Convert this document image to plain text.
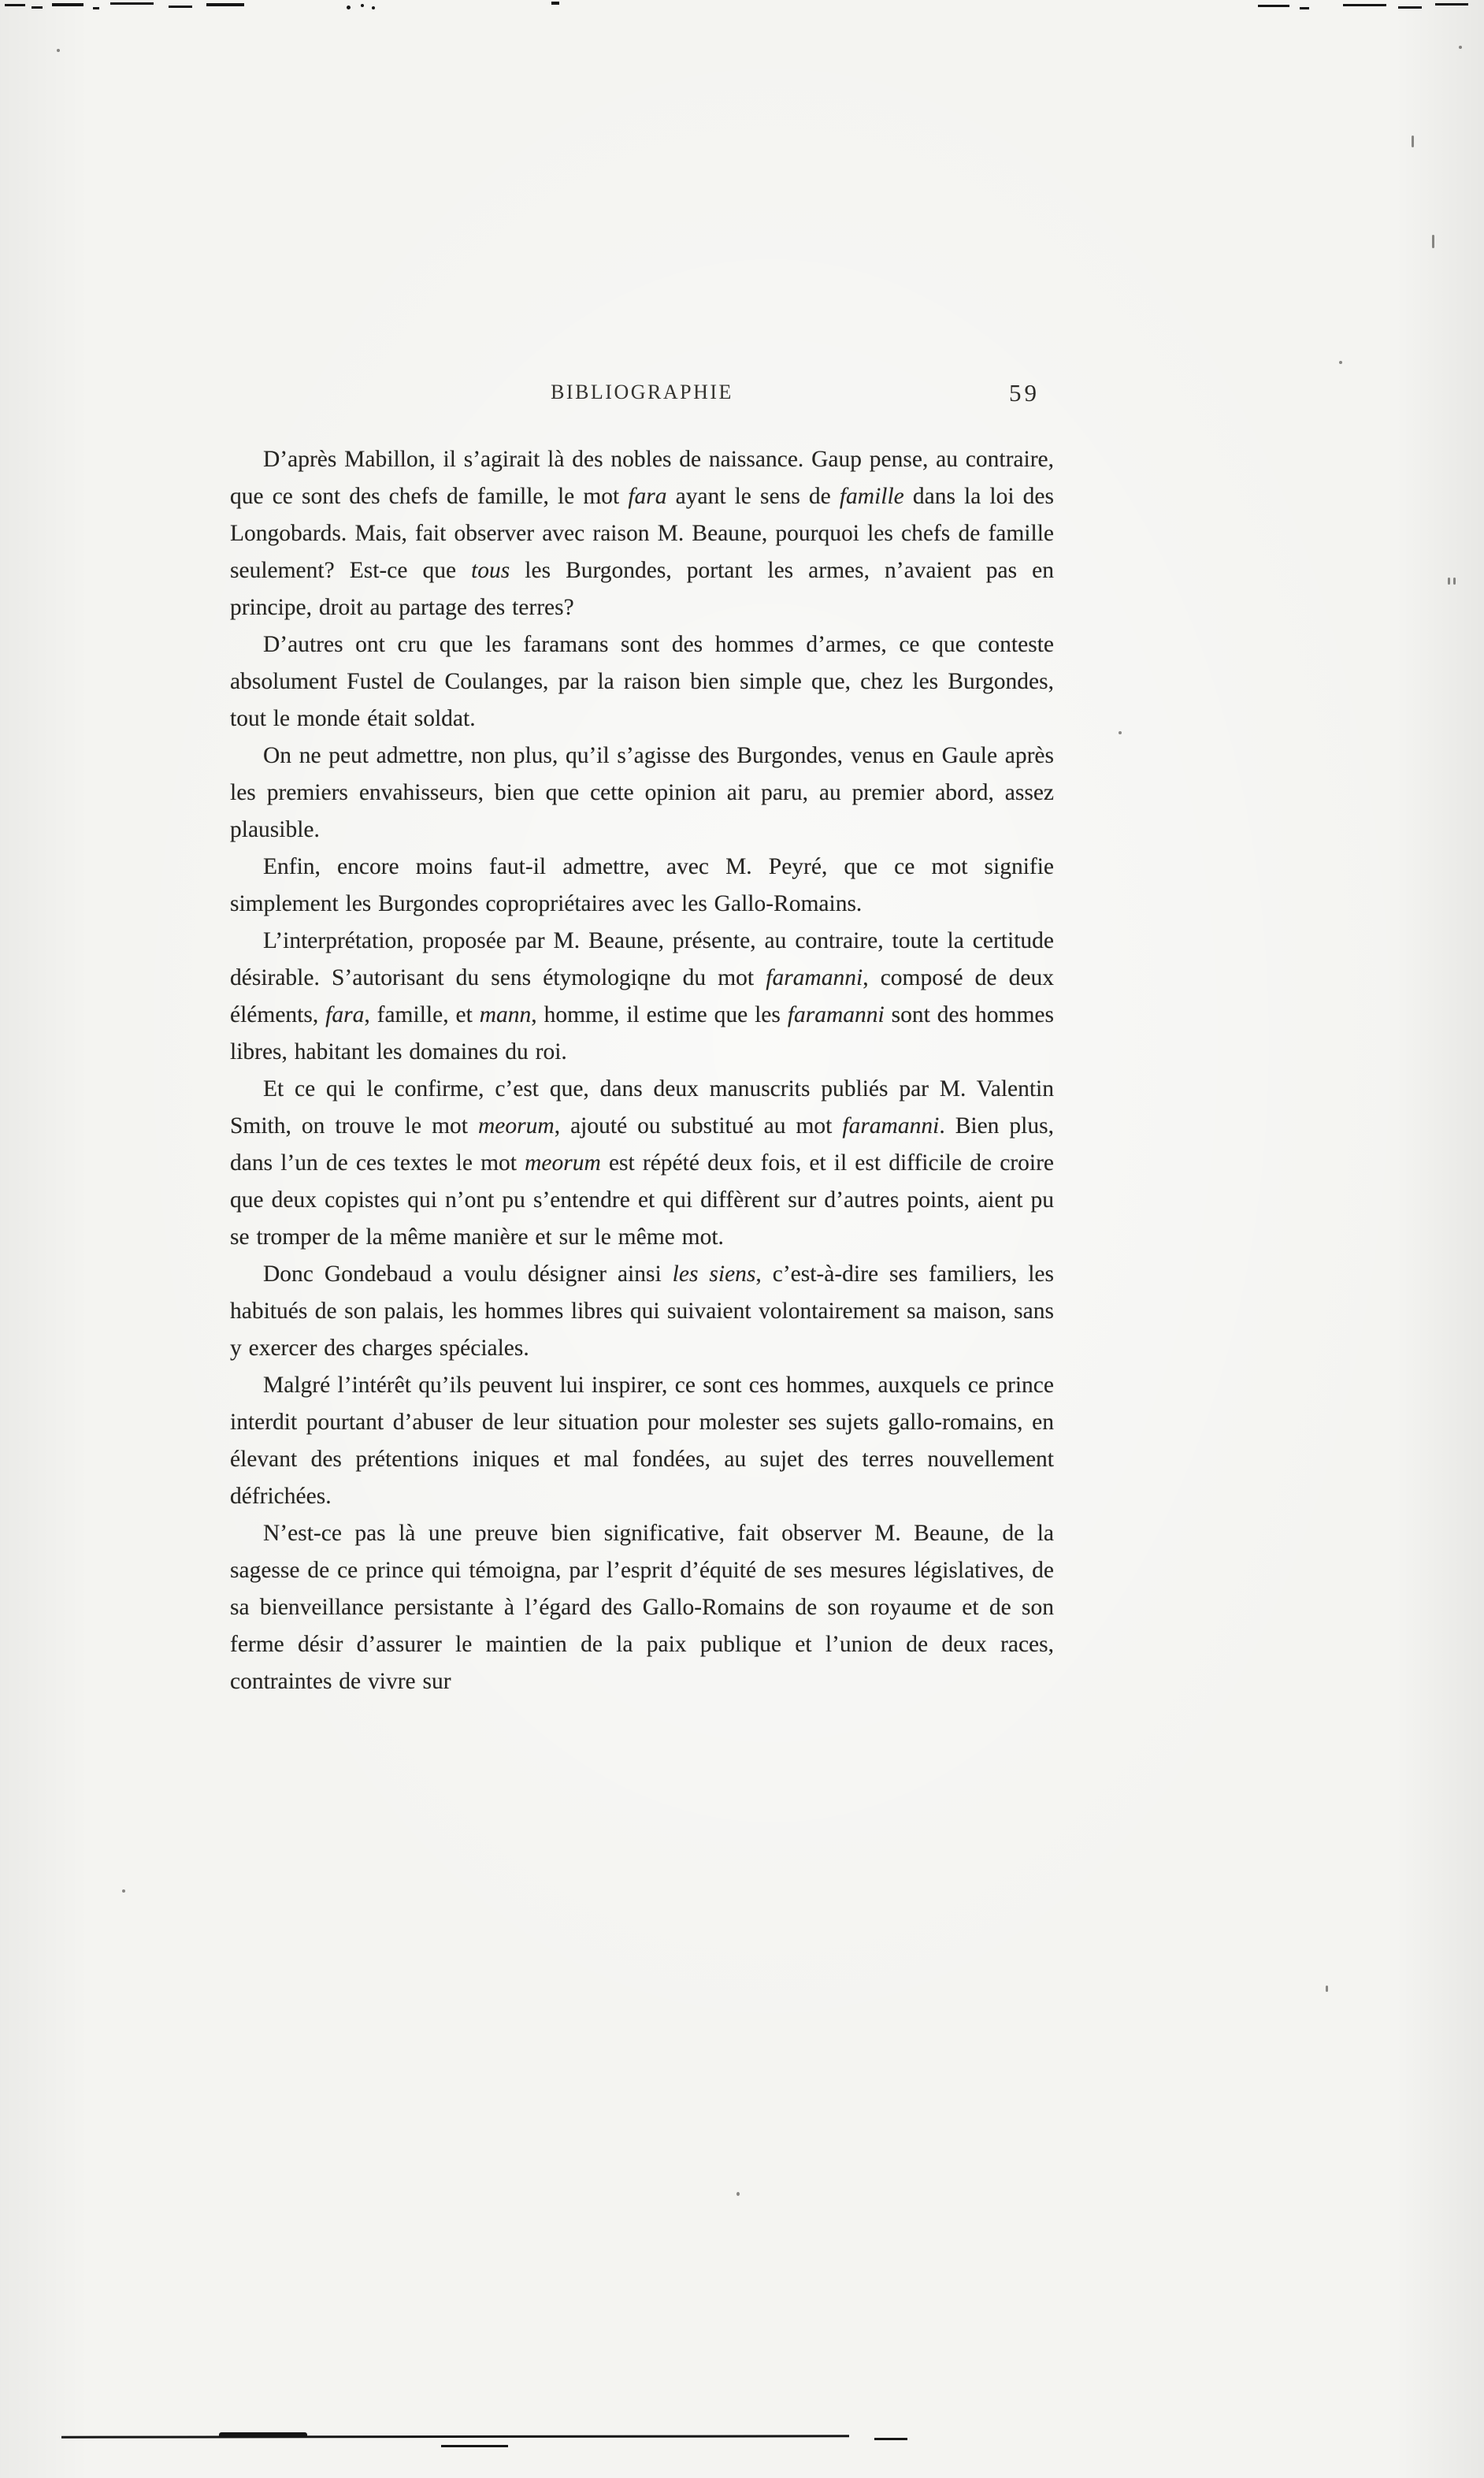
BIBLIOGRAPHIE	59

D’après Mabillon, il s’agirait là des nobles de naissance. Gaup pense, au contraire, que ce sont des chefs de famille, le mot fara ayant le sens de famille dans la loi des Longobards. Mais, fait observer avec raison M. Beaune, pourquoi les chefs de famille seulement? Est-ce que tous les Burgondes, portant les armes, n’avaient pas en principe, droit au partage des terres?

D’autres ont cru que les faramans sont des hommes d’armes, ce que conteste absolument Fustel de Coulanges, par la raison bien simple que, chez les Burgondes, tout le monde était soldat.

On ne peut admettre, non plus, qu’il s’agisse des Burgondes, venus en Gaule après les premiers envahisseurs, bien que cette opinion ait paru, au premier abord, assez plausible.

Enfin, encore moins faut-il admettre, avec M. Peyré, que ce mot signifie simplement les Burgondes copropriétaires avec les Gallo-Romains.

L’interprétation, proposée par M. Beaune, présente, au contraire, toute la certitude désirable. S’autorisant du sens étymologiqne du mot faramanni, composé de deux éléments, fara, famille, et mann, homme, il estime que les faramanni sont des hommes libres, habitant les domaines du roi.

Et ce qui le confirme, c’est que, dans deux manuscrits publiés par M. Valentin Smith, on trouve le mot meorum, ajouté ou substitué au mot faramanni. Bien plus, dans l’un de ces textes le mot meorum est répété deux fois, et il est difficile de croire que deux copistes qui n’ont pu s’entendre et qui diffèrent sur d’autres points, aient pu se tromper de la même manière et sur le même mot.

Donc Gondebaud a voulu désigner ainsi les siens, c’est-à-dire ses familiers, les habitués de son palais, les hommes libres qui suivaient volontairement sa maison, sans y exercer des charges spéciales.

Malgré l’intérêt qu’ils peuvent lui inspirer, ce sont ces hommes, auxquels ce prince interdit pourtant d’abuser de leur situation pour molester ses sujets gallo-romains, en élevant des prétentions iniques et mal fondées, au sujet des terres nouvellement défrichées.

N’est-ce pas là une preuve bien significative, fait observer M. Beaune, de la sagesse de ce prince qui témoigna, par l’esprit d’équité de ses mesures législatives, de sa bienveillance persistante à l’égard des Gallo-Romains de son royaume et de son ferme désir d’assurer le maintien de la paix publique et l’union de deux races, contraintes de vivre sur
